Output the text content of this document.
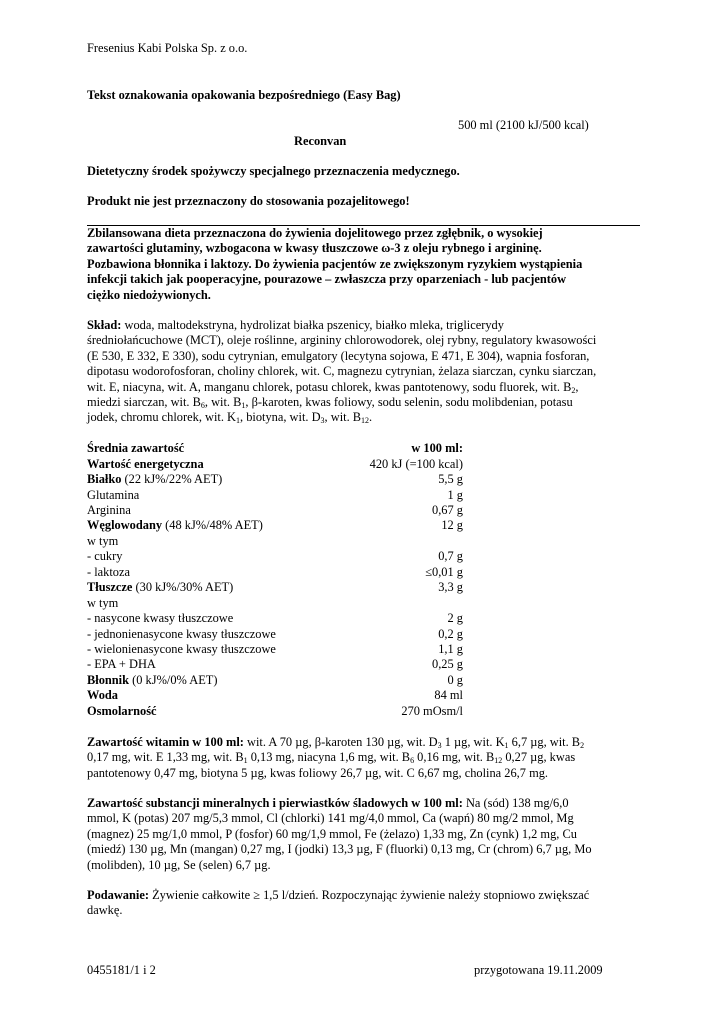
Fresenius Kabi Polska Sp. z o.o.
Tekst oznakowania opakowania bezpośredniego (Easy Bag)
500 ml (2100 kJ/500 kcal)
Reconvan
Dietetyczny środek spożywczy specjalnego przeznaczenia medycznego.
Produkt nie jest przeznaczony do stosowania pozajelitowego!
Zbilansowana dieta przeznaczona do żywienia dojelitowego przez zgłębnik, o wysokiej
zawartości glutaminy, wzbogacona w kwasy tłuszczowe ω-3 z oleju rybnego i argininę.
Pozbawiona błonnika i laktozy. Do żywienia pacjentów ze zwiększonym ryzykiem wystąpienia
infekcji takich jak pooperacyjne, pourazowe – zwłaszcza przy oparzeniach - lub pacjentów
ciężko niedożywionych.
Skład: woda, maltodekstryna, hydrolizat białka pszenicy, białko mleka, triglicerydy
średniołańcuchowe (MCT), oleje roślinne, argininy chlorowodorek, olej rybny, regulatory kwasowości
(E 530, E 332, E 330), sodu cytrynian, emulgatory (lecytyna sojowa, E 471, E 304), wapnia fosforan,
dipotasu wodorofosforan, choliny chlorek, wit. C, magnezu cytrynian, żelaza siarczan, cynku siarczan,
wit. E, niacyna, wit. A, manganu chlorek, potasu chlorek, kwas pantotenowy, sodu fluorek, wit. $B_2$,
miedzi siarczan, wit. $B_6$, wit. $B_1$, β-karoten, kwas foliowy, sodu selenin, sodu molibdenian, potasu
jodek, chromu chlorek, wit. $K_1$, biotyna, wit. $D_3$, wit. $B_{12}$.
Średnia zawartość	w 100 ml:
Wartość energetyczna	420 kJ (=100 kcal)
Białko (22 kJ%/22% AET)	5,5 g
Glutamina	1 g
Arginina	0,67 g
Węglowodany (48 kJ%/48% AET)	12 g
w tym
- cukry	0,7 g
- laktoza	≤0,01 g
Tłuszcze (30 kJ%/30% AET)	3,3 g
w tym
- nasycone kwasy tłuszczowe	2 g
- jednonienasycone kwasy tłuszczowe	0,2 g
- wielonienasycone kwasy tłuszczowe	1,1 g
- EPA + DHA	0,25 g
Błonnik (0 kJ%/0% AET)	0 g
Woda	84 ml
Osmolarność	270 mOsm/l
Zawartość witamin w 100 ml: wit. A 70 µg, β-karoten 130 µg, wit. $D_3$ 1 µg, wit. $K_1$ 6,7 µg, wit. $B_2$
0,17 mg, wit. E 1,33 mg, wit. $B_1$ 0,13 mg, niacyna 1,6 mg, wit. $B_6$ 0,16 mg, wit. $B_{12}$ 0,27 µg, kwas
pantotenowy 0,47 mg, biotyna 5 µg, kwas foliowy 26,7 µg, wit. C 6,67 mg, cholina 26,7 mg.
Zawartość substancji mineralnych i pierwiastków śladowych w 100 ml: Na (sód) 138 mg/6,0
mmol, K (potas) 207 mg/5,3 mmol, Cl (chlorki) 141 mg/4,0 mmol, Ca (wapń) 80 mg/2 mmol, Mg
(magnez) 25 mg/1,0 mmol, P (fosfor) 60 mg/1,9 mmol, Fe (żelazo) 1,33 mg, Zn (cynk) 1,2 mg, Cu
(miedź) 130 µg, Mn (mangan) 0,27 mg, I (jodki) 13,3 µg, F (fluorki) 0,13 mg, Cr (chrom) 6,7 µg, Mo
(molibden), 10 µg, Se (selen) 6,7 µg.
Podawanie: Żywienie całkowite ≥ 1,5 l/dzień. Rozpoczynając żywienie należy stopniowo zwiększać
dawkę.
0455181/1 i 2	przygotowana 19.11.2009
